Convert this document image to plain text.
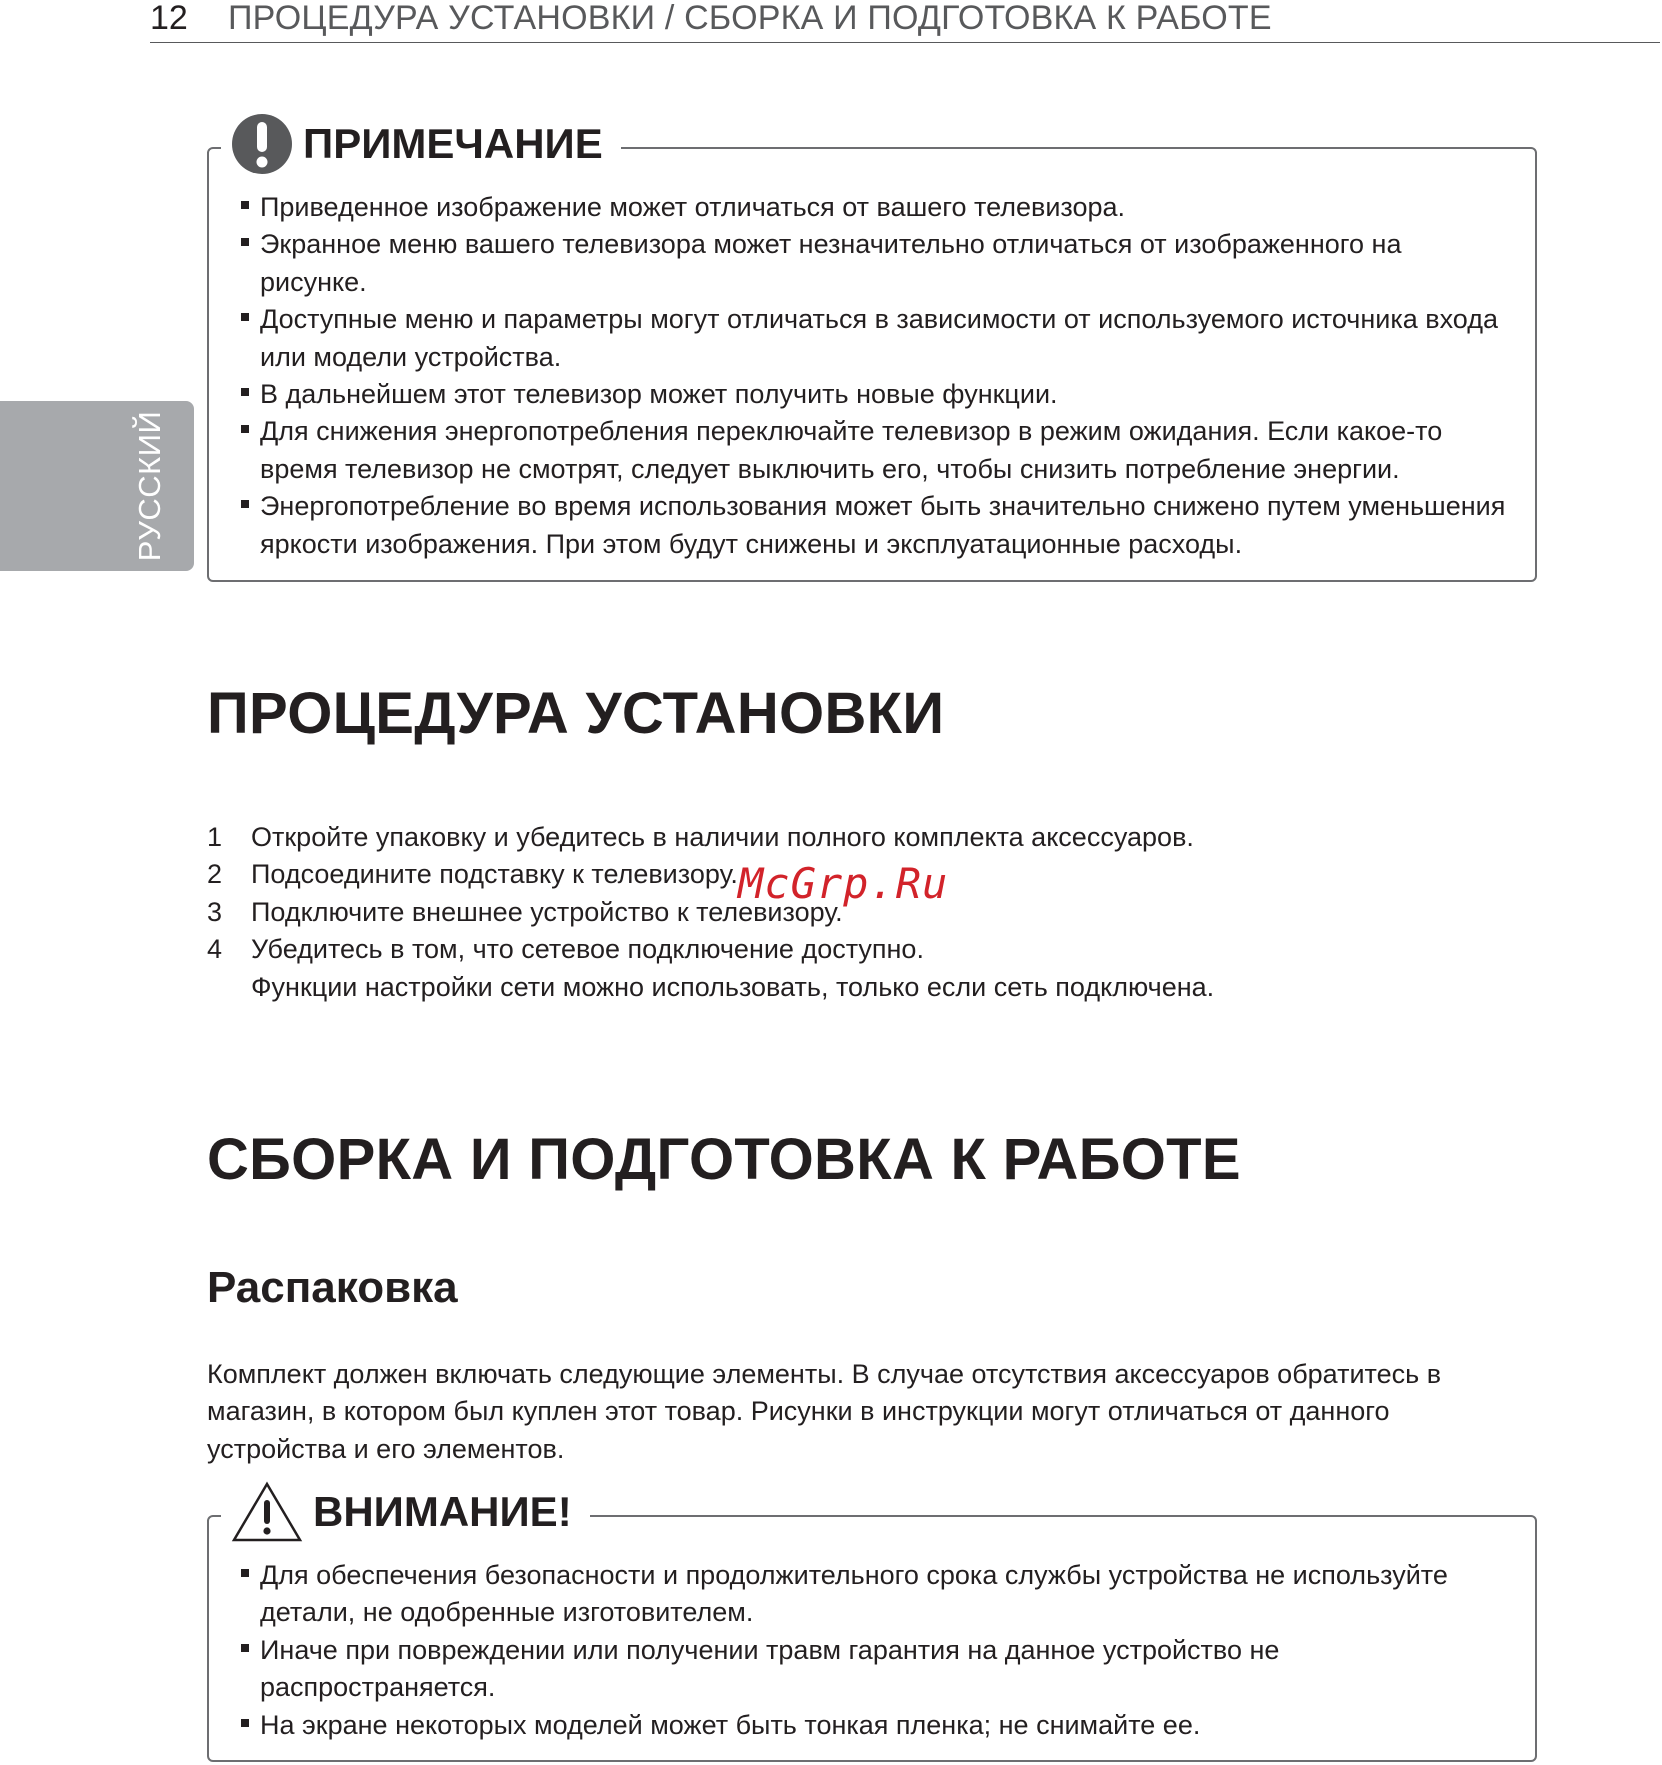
12	ПРОЦЕДУРА УСТАНОВКИ / СБОРКА И ПОДГОТОВКА К РАБОТЕ
РУССКИЙ
ПРИМЕЧАНИЕ
Приведенное изображение может отличаться от вашего телевизора.
Экранное меню вашего телевизора может незначительно отличаться от изображенного на рисунке.
Доступные меню и параметры могут отличаться в зависимости от используемого источника входа или модели устройства.
В дальнейшем этот телевизор может получить новые функции.
Для снижения энергопотребления переключайте телевизор в режим ожидания. Если какое-то время телевизор не смотрят, следует выключить его, чтобы снизить потребление энергии.
Энергопотребление во время использования может быть значительно снижено путем уменьшения яркости изображения. При этом будут снижены и эксплуатационные расходы.
ПРОЦЕДУРА УСТАНОВКИ
1	Откройте упаковку и убедитесь в наличии полного комплекта аксессуаров.
2	Подсоедините подставку к телевизору.
3	Подключите внешнее устройство к телевизору.
4	Убедитесь в том, что сетевое подключение доступно.
Функции настройки сети можно использовать, только если сеть подключена.
McGrp.Ru
СБОРКА И ПОДГОТОВКА К РАБОТЕ
Распаковка

Комплект должен включать следующие элементы. В случае отсутствия аксессуаров обратитесь в магазин, в котором был куплен этот товар. Рисунки в инструкции могут отличаться от данного устройства и его элементов.

ВНИМАНИЕ!
Для обеспечения безопасности и продолжительного срока службы устройства не используйте детали, не одобренные изготовителем.
Иначе при повреждении или получении травм гарантия на данное устройство не распространяется.
На экране некоторых моделей может быть тонкая пленка; не снимайте ее.
